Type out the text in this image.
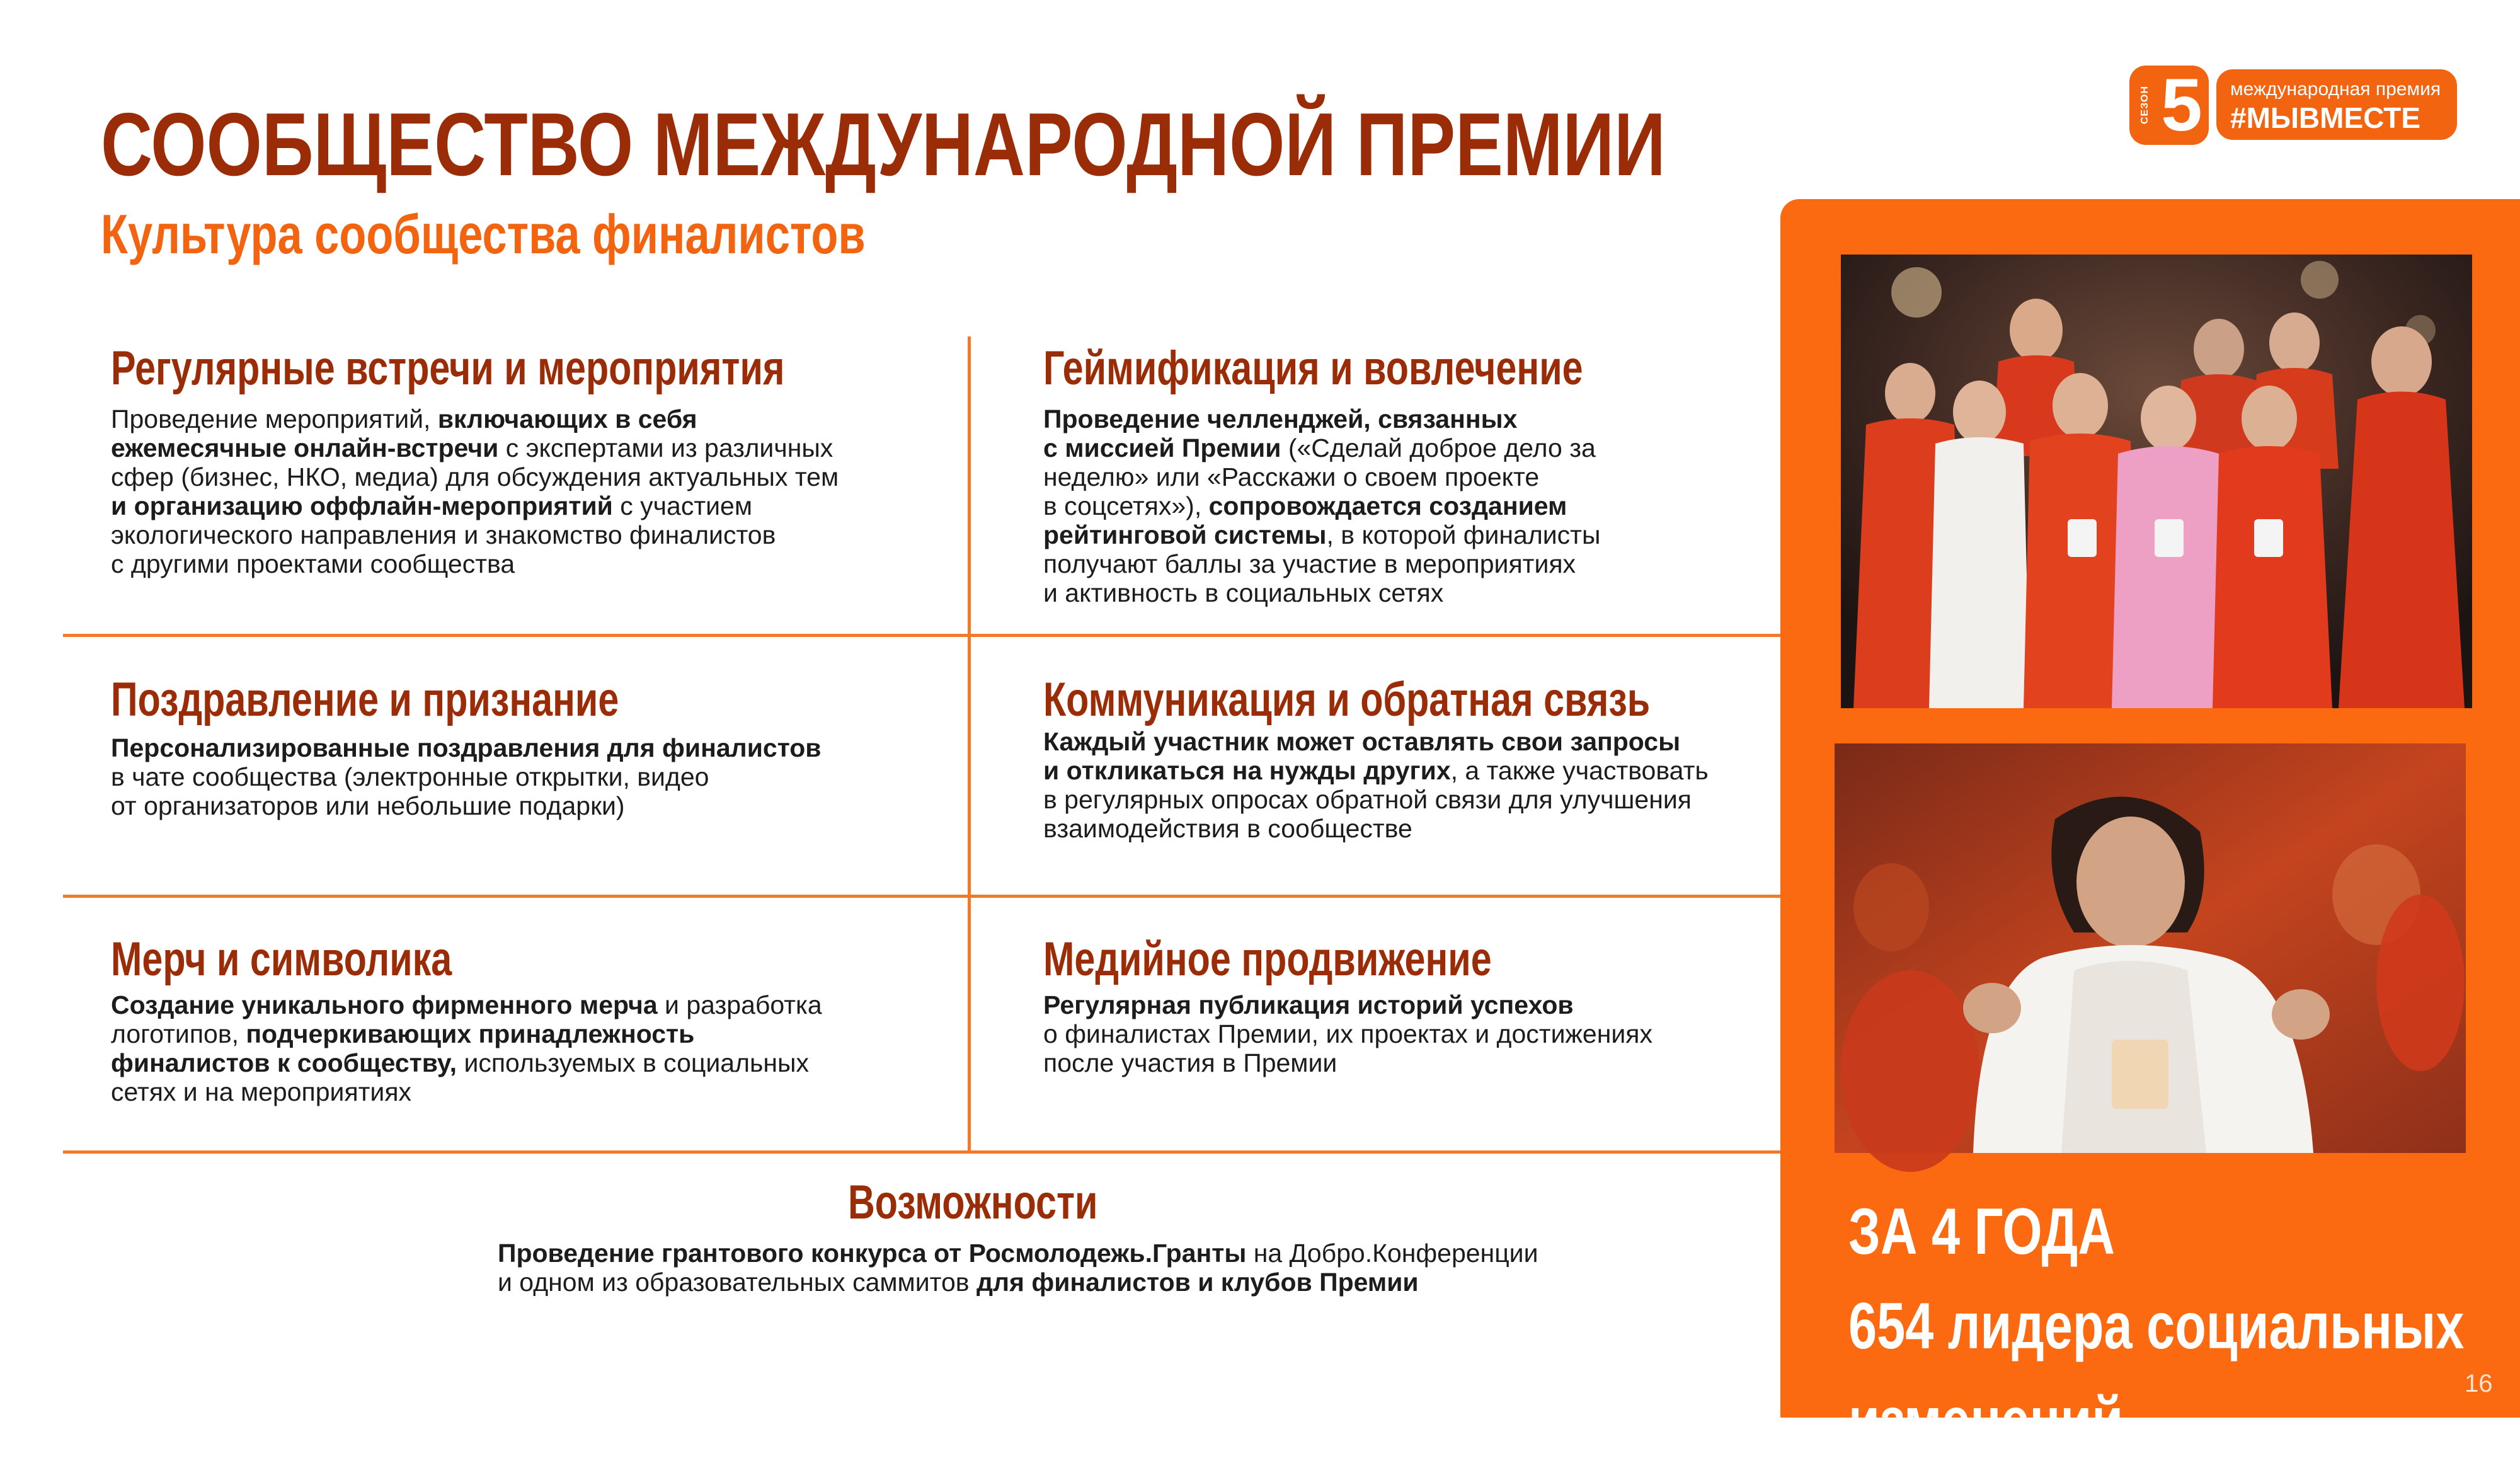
СООБЩЕСТВО МЕЖДУНАРОДНОЙ ПРЕМИИ
Культура сообщества финалистов
СЕЗОН 5	международная премия
#МЫВМЕСТЕ
Регулярные встречи и мероприятия
Проведение мероприятий, включающих в себя
ежемесячные онлайн-встречи с экспертами из различных
сфер (бизнес, НКО, медиа) для обсуждения актуальных тем
и организацию оффлайн-мероприятий с участием
экологического направления и знакомство финалистов
с другими проектами сообщества
Геймификация и вовлечение
Проведение челленджей, связанных
с миссией Премии («Сделай доброе дело за
неделю» или «Расскажи о своем проекте
в соцсетях»), сопровождается созданием
рейтинговой системы, в которой финалисты
получают баллы за участие в мероприятиях
и активность в социальных сетях
Поздравление и признание
Персонализированные поздравления для финалистов
в чате сообщества (электронные открытки, видео
от организаторов или небольшие подарки)
Коммуникация и обратная связь
Каждый участник может оставлять свои запросы
и откликаться на нужды других, а также участвовать
в регулярных опросах обратной связи для улучшения
взаимодействия в сообществе
Мерч и символика
Создание уникального фирменного мерча и разработка
логотипов, подчеркивающих принадлежность
финалистов к сообществу, используемых в социальных
сетях и на мероприятиях
Медийное продвижение
Регулярная публикация историй успехов
о финалистах Премии, их проектах и достижениях
после участия в Премии
Возможности
Проведение грантового конкурса от Росмолодежь.Гранты на Добро.Конференции
и одном из образовательных саммитов для финалистов и клубов Премии
ЗА 4 ГОДА
654 лидера социальных
изменений
16
